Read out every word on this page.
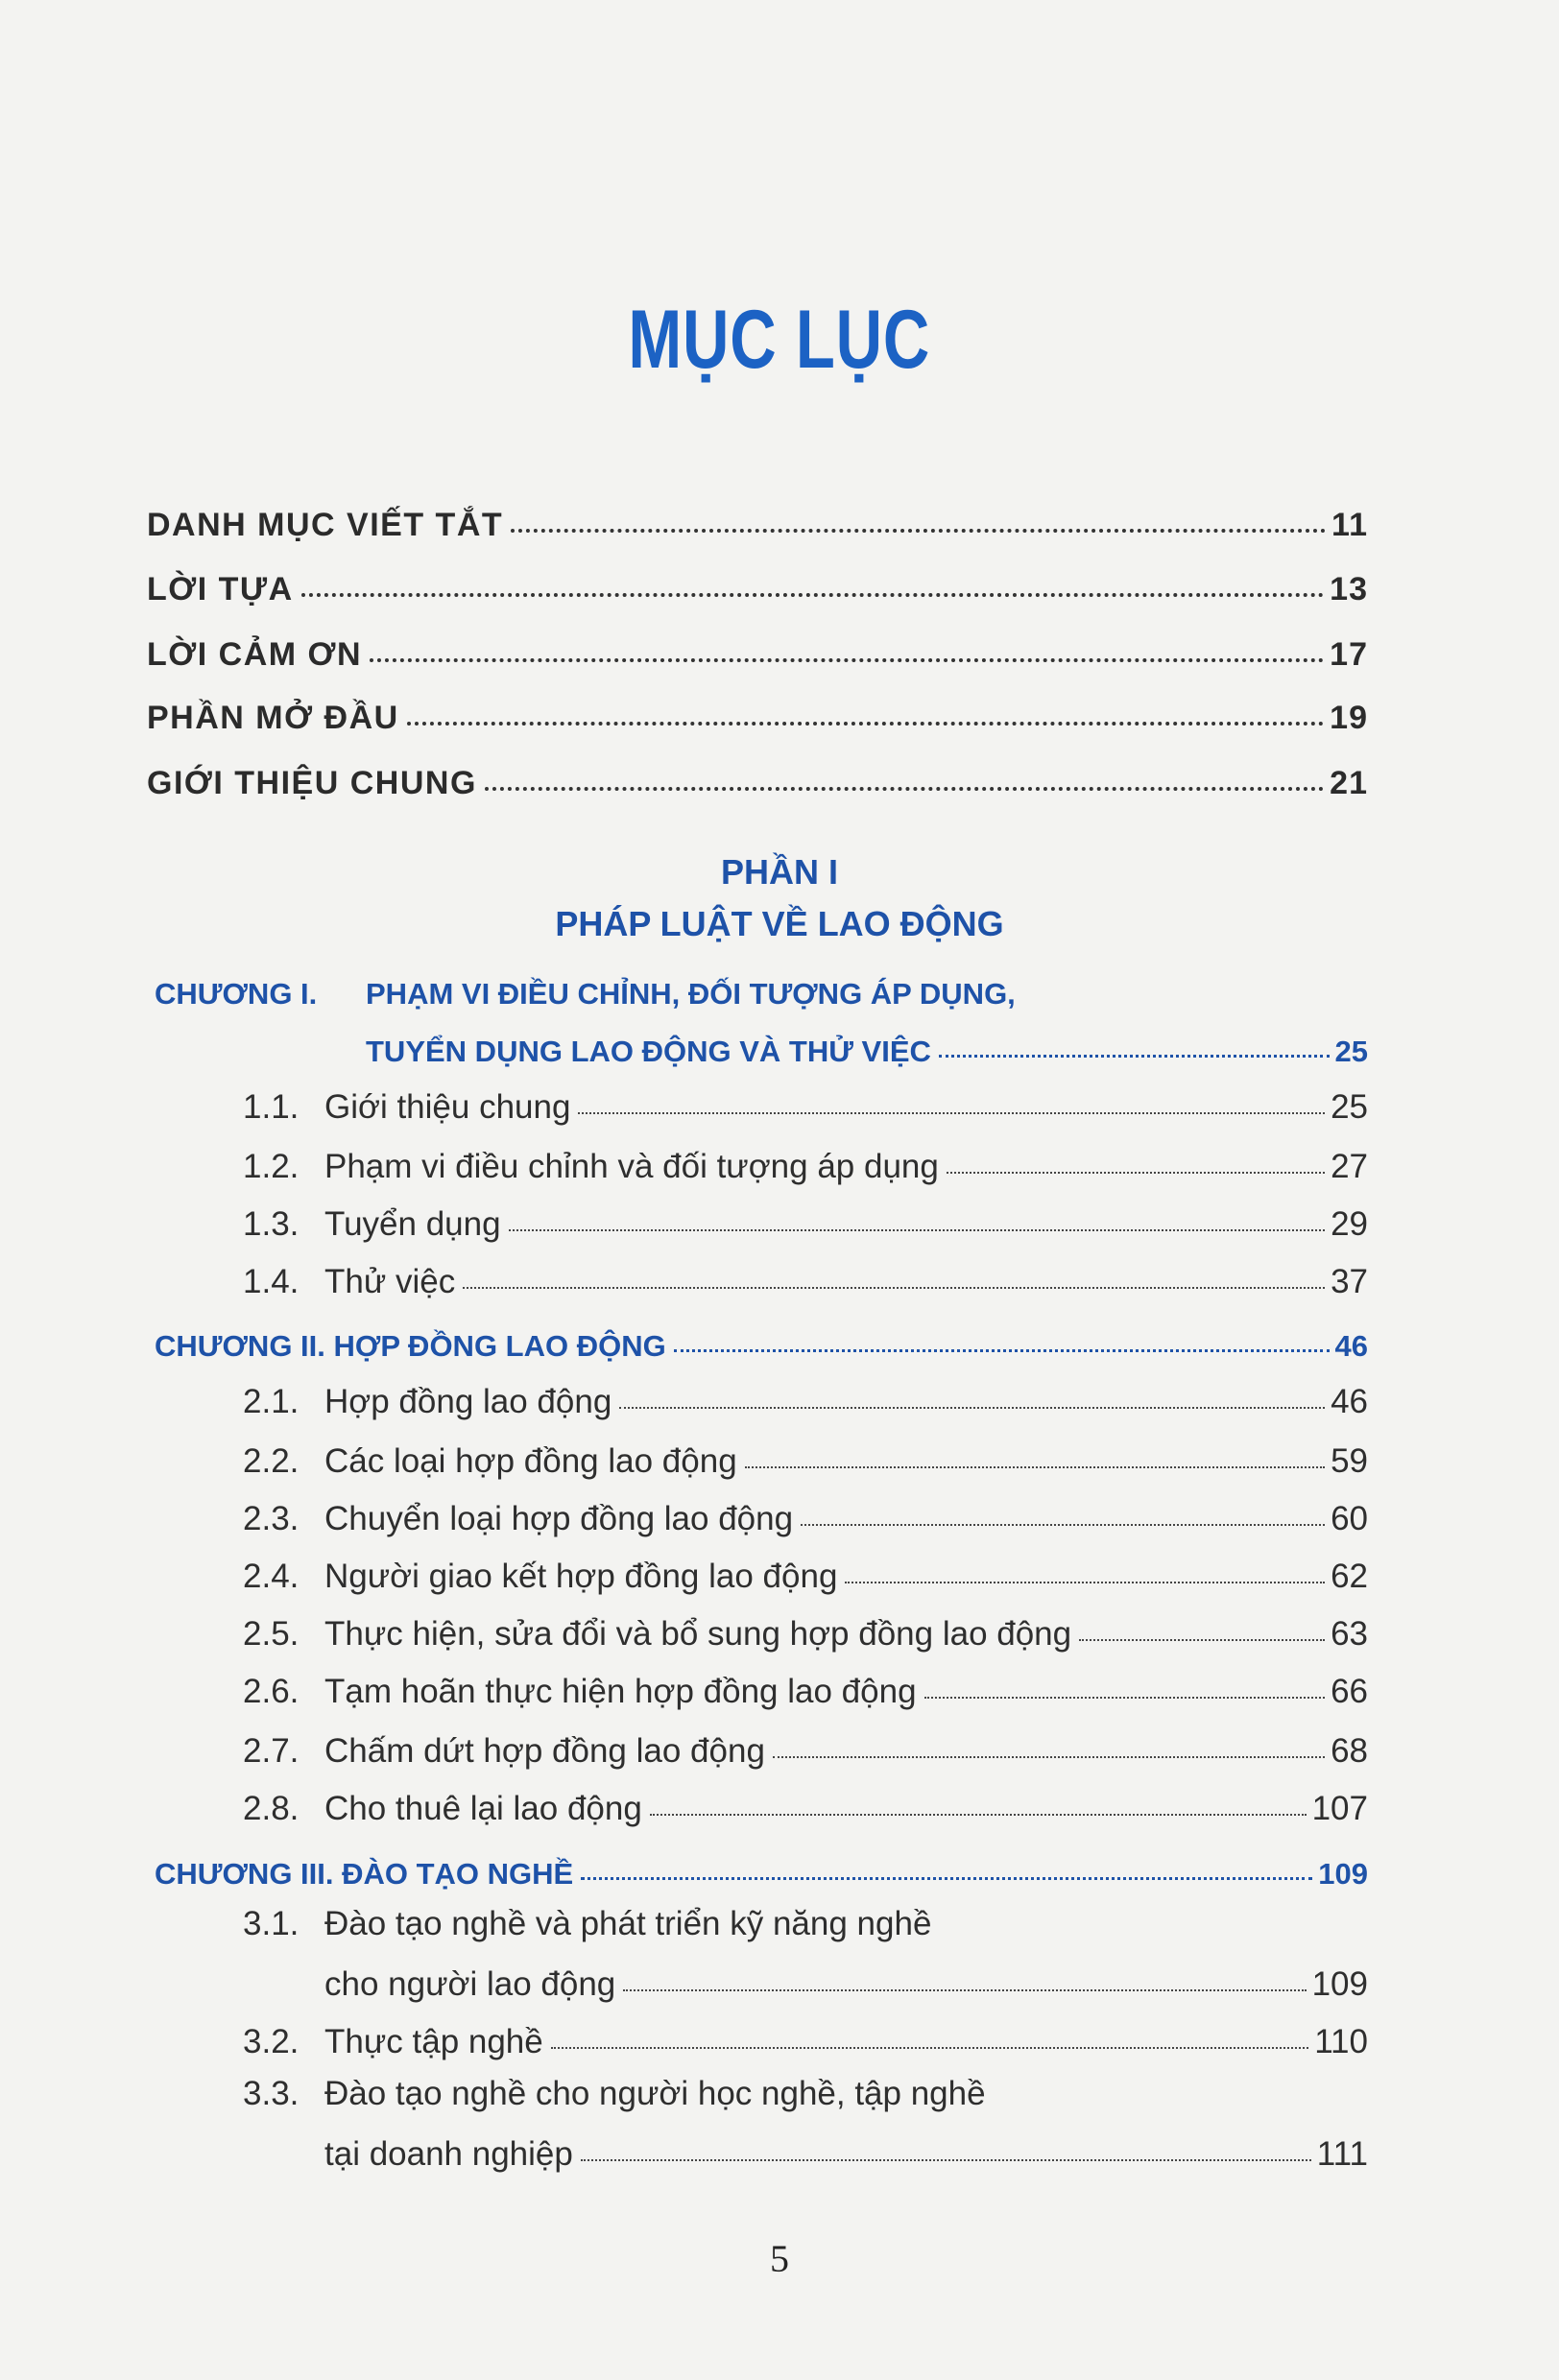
MỤC LỤC
DANH MỤC VIẾT TẮT	11
LỜI TỰA	13
LỜI CẢM ƠN	17
PHẦN MỞ ĐẦU	19
GIỚI THIỆU CHUNG	21
PHẦN I
PHÁP LUẬT VỀ LAO ĐỘNG
CHƯƠNG I. PHẠM VI ĐIỀU CHỈNH, ĐỐI TƯỢNG ÁP DỤNG,
TUYỂN DỤNG LAO ĐỘNG VÀ THỬ VIỆC	25
1.1. Giới thiệu chung	25
1.2. Phạm vi điều chỉnh và đối tượng áp dụng	27
1.3. Tuyển dụng	29
1.4. Thử việc	37
CHƯƠNG II. HỢP ĐỒNG LAO ĐỘNG	46
2.1. Hợp đồng lao động	46
2.2. Các loại hợp đồng lao động	59
2.3. Chuyển loại hợp đồng lao động	60
2.4. Người giao kết hợp đồng lao động	62
2.5. Thực hiện, sửa đổi và bổ sung hợp đồng lao động	63
2.6. Tạm hoãn thực hiện hợp đồng lao động	66
2.7. Chấm dứt hợp đồng lao động	68
2.8. Cho thuê lại lao động	107
CHƯƠNG III. ĐÀO TẠO NGHỀ	109
3.1. Đào tạo nghề và phát triển kỹ năng nghề
cho người lao động	109
3.2. Thực tập nghề	110
3.3. Đào tạo nghề cho người học nghề, tập nghề
tại doanh nghiệp	111
5
